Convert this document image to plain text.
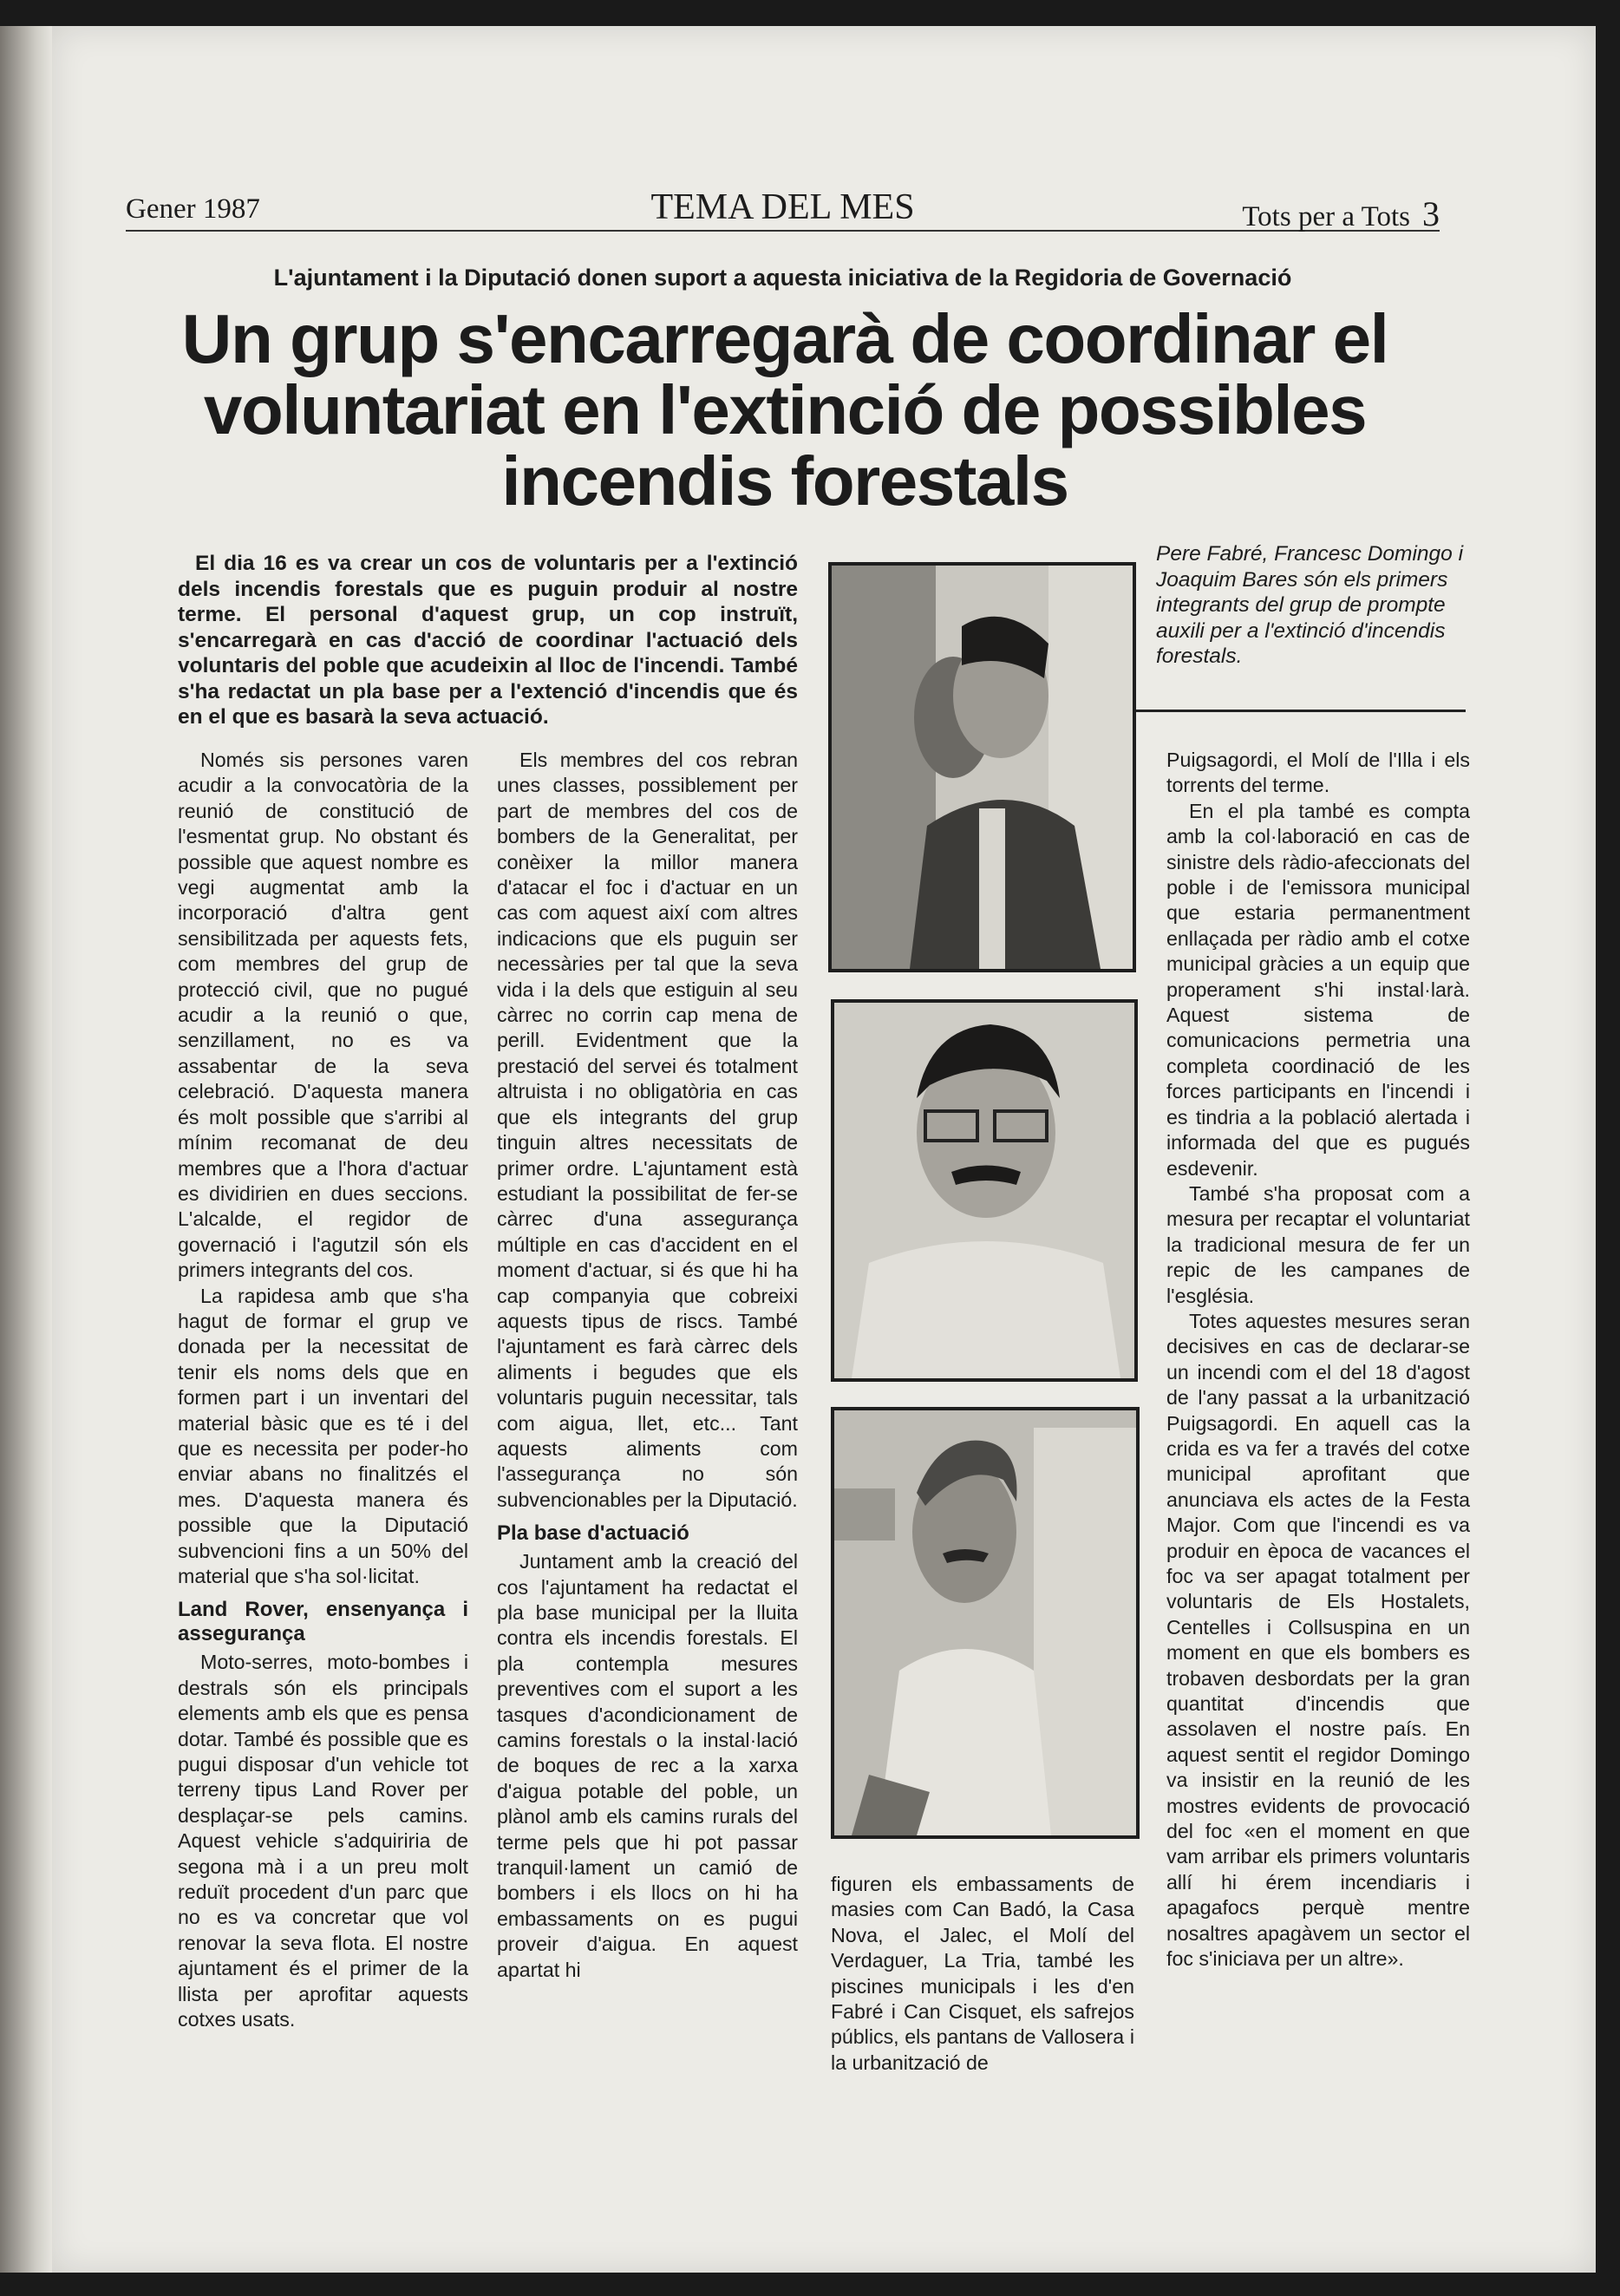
Gener 1987	TEMA DEL MES	Tots per a Tots 3
L'ajuntament i la Diputació donen suport a aquesta iniciativa de la Regidoria de Governació
Un grup s'encarregarà de coordinar el voluntariat en l'extinció de possibles incendis forestals
El dia 16 es va crear un cos de voluntaris per a l'extinció dels incendis forestals que es puguin produir al nostre terme. El personal d'aquest grup, un cop instruït, s'encarregarà en cas d'acció de coordinar l'actuació dels voluntaris del poble que acudeixin al lloc de l'incendi. També s'ha redactat un pla base per a l'extenció d'incendis que és en el que es basarà la seva actuació.

Només sis persones varen acudir a la convocatòria de la reunió de constitució de l'esmentat grup. No obstant és possible que aquest nombre es vegi augmentat amb la incorporació d'altra gent sensibilitzada per aquests fets, com membres del grup de protecció civil, que no pugué acudir a la reunió o que, senzillament, no es va assabentar de la seva celebració. D'aquesta manera és molt possible que s'arribi al mínim recomanat de deu membres que a l'hora d'actuar es dividirien en dues seccions. L'alcalde, el regidor de governació i l'agutzil són els primers integrants del cos.

La rapidesa amb que s'ha hagut de formar el grup ve donada per la necessitat de tenir els noms dels que en formen part i un inventari del material bàsic que es té i del que es necessita per poder-ho enviar abans no finalitzés el mes. D'aquesta manera és possible que la Diputació subvencioni fins a un 50% del material que s'ha sol·licitat.

Land Rover, ensenyança i assegurança

Moto-serres, moto-bombes i destrals són els principals elements amb els que es pensa dotar. També és possible que es pugui disposar d'un vehicle tot terreny tipus Land Rover per desplaçar-se pels camins. Aquest vehicle s'adquiriria de segona mà i a un preu molt reduït procedent d'un parc que no es va concretar que vol renovar la seva flota. El nostre ajuntament és el primer de la llista per aprofitar aquests cotxes usats.

Els membres del cos rebran unes classes, possiblement per part de membres del cos de bombers de la Generalitat, per conèixer la millor manera d'atacar el foc i d'actuar en un cas com aquest així com altres indicacions que els puguin ser necessàries per tal que la seva vida i la dels que estiguin al seu càrrec no corrin cap mena de perill. Evidentment que la prestació del servei és totalment altruista i no obligatòria en cas que els integrants del grup tinguin altres necessitats de primer ordre. L'ajuntament està estudiant la possibilitat de fer-se càrrec d'una assegurança múltiple en cas d'accident en el moment d'actuar, si és que hi ha cap companyia que cobreixi aquests tipus de riscs. També l'ajuntament es farà càrrec dels aliments i begudes que els voluntaris puguin necessitar, tals com aigua, llet, etc... Tant aquests aliments com l'assegurança no són subvencionables per la Diputació.

Pla base d'actuació

Juntament amb la creació del cos l'ajuntament ha redactat el pla base municipal per la lluita contra els incendis forestals. El pla contempla mesures preventives com el suport a les tasques d'acondicionament de camins forestals o la instal·lació de boques de rec a la xarxa d'aigua potable del poble, un plànol amb els camins rurals del terme pels que hi pot passar tranquil·lament un camió de bombers i els llocs on hi ha embassaments on es pugui proveir d'aigua. En aquest apartat hi

Pere Fabré, Francesc Domingo i Joaquim Bares són els primers integrants del grup de prompte auxili per a l'extinció d'incendis forestals.

figuren els embassaments de masies com Can Badó, la Casa Nova, el Jalec, el Molí del Verdaguer, La Tria, també les piscines municipals i les d'en Fabré i Can Cisquet, els safrejos públics, els pantans de Vallosera i la urbanització de

Puigsagordi, el Molí de l'Illa i els torrents del terme.

En el pla també es compta amb la col·laboració en cas de sinistre dels ràdio-afeccionats del poble i de l'emissora municipal que estaria permanentment enllaçada per ràdio amb el cotxe municipal gràcies a un equip que properament s'hi instal·larà. Aquest sistema de comunicacions permetria una completa coordinació de les forces participants en l'incendi i es tindria a la població alertada i informada del que es pugués esdevenir.

També s'ha proposat com a mesura per recaptar el voluntariat la tradicional mesura de fer un repic de les campanes de l'església.

Totes aquestes mesures seran decisives en cas de declarar-se un incendi com el del 18 d'agost de l'any passat a la urbanització Puigsagordi. En aquell cas la crida es va fer a través del cotxe municipal aprofitant que anunciava els actes de la Festa Major. Com que l'incendi es va produir en època de vacances el foc va ser apagat totalment per voluntaris de Els Hostalets, Centelles i Collsuspina en un moment en que els bombers es trobaven desbordats per la gran quantitat d'incendis que assolaven el nostre país. En aquest sentit el regidor Domingo va insistir en la reunió de les mostres evidents de provocació del foc «en el moment en que vam arribar els primers voluntaris allí hi érem incendiaris i apagafocs perquè mentre nosaltres apagàvem un sector el foc s'iniciava per un altre».
